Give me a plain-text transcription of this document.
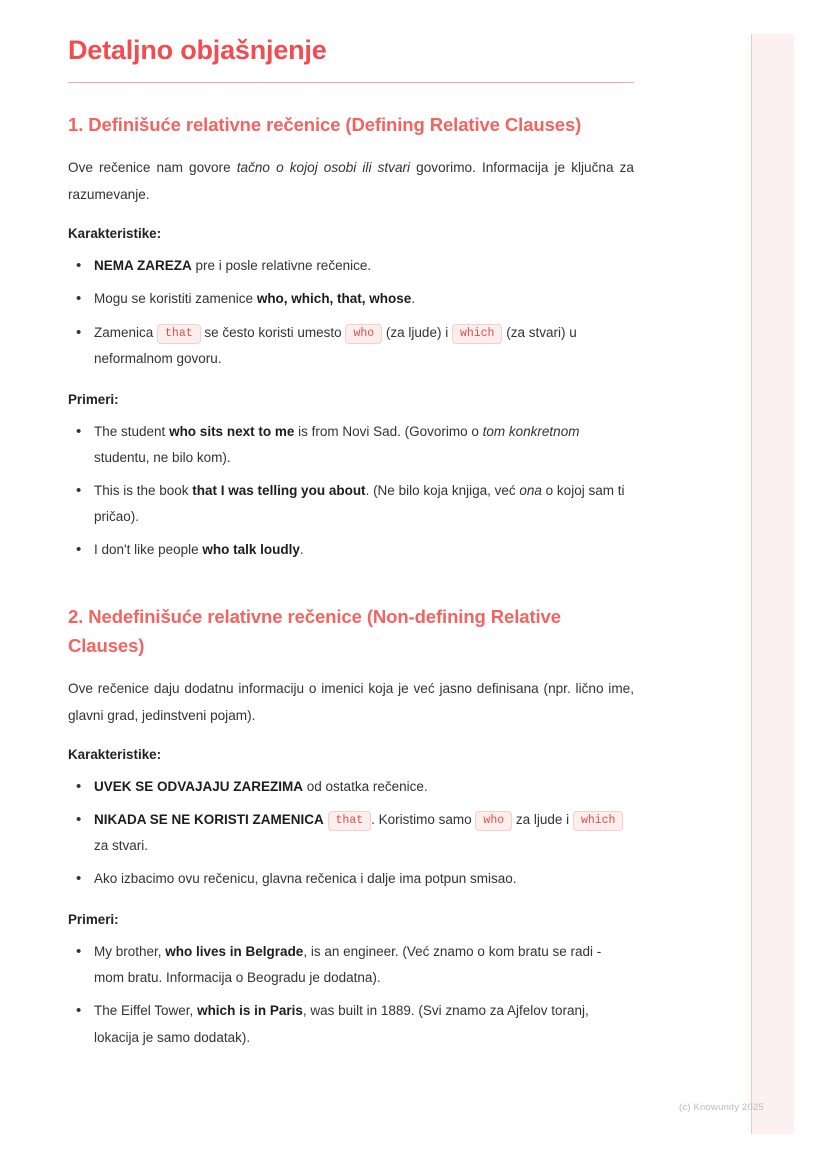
Detaljno objašnjenje
1. Definišuće relativne rečenice (Defining Relative Clauses)

Ove rečenice nam govore tačno o kojoj osobi ili stvari govorimo. Informacija je ključna za razumevanje.

Karakteristike:

• NEMA ZAREZA pre i posle relativne rečenice.
• Mogu se koristiti zamenice who, which, that, whose.
• Zamenica that se često koristi umesto who (za ljude) i which (za stvari) u neformalnom govoru.

Primeri:

• The student who sits next to me is from Novi Sad. (Govorimo o tom konkretnom studentu, ne bilo kom).
• This is the book that I was telling you about. (Ne bilo koja knjiga, već ona o kojoj sam ti pričao).
• I don't like people who talk loudly.
2. Nedefinišuće relativne rečenice (Non-defining Relative Clauses)

Ove rečenice daju dodatnu informaciju o imenici koja je već jasno definisana (npr. lično ime, glavni grad, jedinstveni pojam).

Karakteristike:

• UVEK SE ODVAJAJU ZAREZIMA od ostatka rečenice.
• NIKADA SE NE KORISTI ZAMENICA that . Koristimo samo who za ljude i which za stvari.
• Ako izbacimo ovu rečenicu, glavna rečenica i dalje ima potpun smisao.

Primeri:

• My brother, who lives in Belgrade, is an engineer. (Već znamo o kom bratu se radi - mom bratu. Informacija o Beogradu je dodatna).
• The Eiffel Tower, which is in Paris, was built in 1889. (Svi znamo za Ajfelov toranj, lokacija je samo dodatak).
(c) Knowunity 2025
